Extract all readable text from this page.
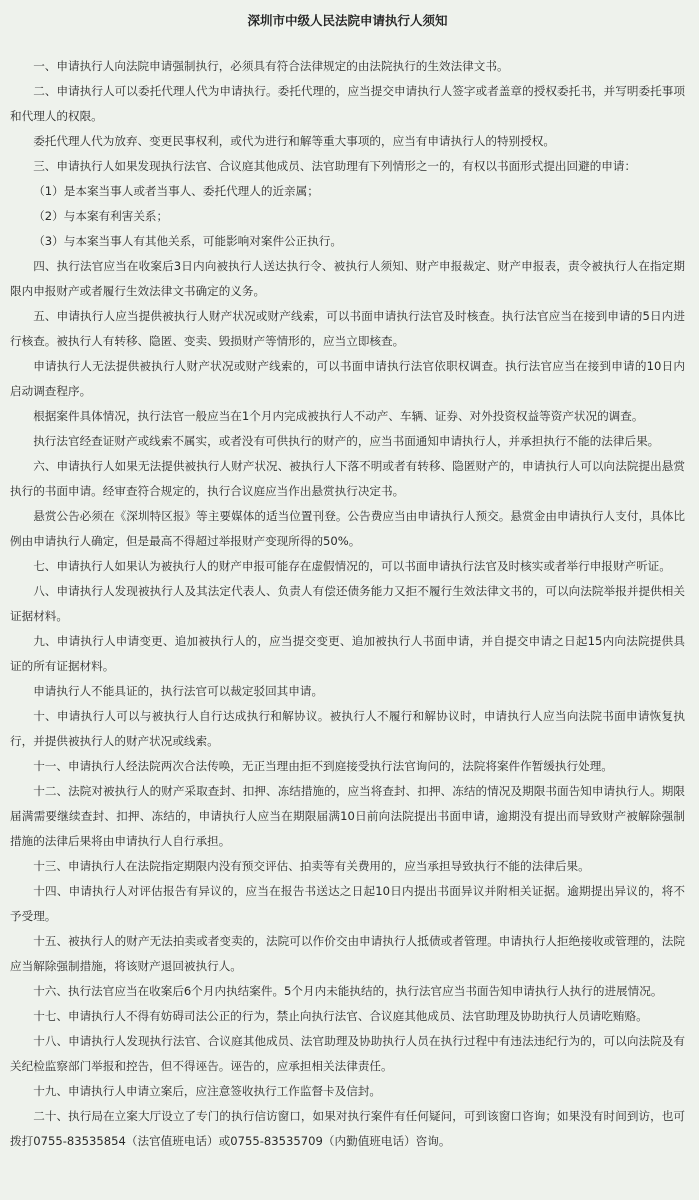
深圳市中级人民法院申请执行人须知

一、申请执行人向法院申请强制执行，必须具有符合法律规定的由法院执行的生效法律文书。

二、申请执行人可以委托代理人代为申请执行。委托代理的，应当提交申请执行人签字或者盖章的授权委托书，并写明委托事项和代理人的权限。

委托代理人代为放弃、变更民事权利，或代为进行和解等重大事项的，应当有申请执行人的特别授权。

三、申请执行人如果发现执行法官、合议庭其他成员、法官助理有下列情形之一的，有权以书面形式提出回避的申请：

（1）是本案当事人或者当事人、委托代理人的近亲属；

（2）与本案有利害关系；

（3）与本案当事人有其他关系，可能影响对案件公正执行。

四、执行法官应当在收案后3日内向被执行人送达执行令、被执行人须知、财产申报裁定、财产申报表，责令被执行人在指定期限内申报财产或者履行生效法律文书确定的义务。

五、申请执行人应当提供被执行人财产状况或财产线索，可以书面申请执行法官及时核查。执行法官应当在接到申请的5日内进行核查。被执行人有转移、隐匿、变卖、毁损财产等情形的，应当立即核查。

申请执行人无法提供被执行人财产状况或财产线索的，可以书面申请执行法官依职权调查。执行法官应当在接到申请的10日内启动调查程序。

根据案件具体情况，执行法官一般应当在1个月内完成被执行人不动产、车辆、证券、对外投资权益等资产状况的调查。

执行法官经查证财产或线索不属实，或者没有可供执行的财产的，应当书面通知申请执行人，并承担执行不能的法律后果。

六、申请执行人如果无法提供被执行人财产状况、被执行人下落不明或者有转移、隐匿财产的，申请执行人可以向法院提出悬赏执行的书面申请。经审查符合规定的，执行合议庭应当作出悬赏执行决定书。

悬赏公告必须在《深圳特区报》等主要媒体的适当位置刊登。公告费应当由申请执行人预交。悬赏金由申请执行人支付，具体比例由申请执行人确定，但是最高不得超过举报财产变现所得的50%。

七、申请执行人如果认为被执行人的财产申报可能存在虚假情况的，可以书面申请执行法官及时核实或者举行申报财产听证。

八、申请执行人发现被执行人及其法定代表人、负责人有偿还债务能力又拒不履行生效法律文书的，可以向法院举报并提供相关证据材料。

九、申请执行人申请变更、追加被执行人的，应当提交变更、追加被执行人书面申请，并自提交申请之日起15内向法院提供具证的所有证据材料。

申请执行人不能具证的，执行法官可以裁定驳回其申请。

十、申请执行人可以与被执行人自行达成执行和解协议。被执行人不履行和解协议时，申请执行人应当向法院书面申请恢复执行，并提供被执行人的财产状况或线索。

十一、申请执行人经法院两次合法传唤，无正当理由拒不到庭接受执行法官询问的，法院将案件作暂缓执行处理。

十二、法院对被执行人的财产采取查封、扣押、冻结措施的，应当将查封、扣押、冻结的情况及期限书面告知申请执行人。期限届满需要继续查封、扣押、冻结的，申请执行人应当在期限届满10日前向法院提出书面申请，逾期没有提出而导致财产被解除强制措施的法律后果将由申请执行人自行承担。

十三、申请执行人在法院指定期限内没有预交评估、拍卖等有关费用的，应当承担导致执行不能的法律后果。

十四、申请执行人对评估报告有异议的，应当在报告书送达之日起10日内提出书面异议并附相关证据。逾期提出异议的，将不予受理。

十五、被执行人的财产无法拍卖或者变卖的，法院可以作价交由申请执行人抵债或者管理。申请执行人拒绝接收或管理的，法院应当解除强制措施，将该财产退回被执行人。

十六、执行法官应当在收案后6个月内执结案件。5个月内未能执结的，执行法官应当书面告知申请执行人执行的进展情况。

十七、申请执行人不得有妨碍司法公正的行为，禁止向执行法官、合议庭其他成员、法官助理及协助执行人员请吃贿赂。

十八、申请执行人发现执行法官、合议庭其他成员、法官助理及协助执行人员在执行过程中有违法违纪行为的，可以向法院及有关纪检监察部门举报和控告，但不得诬告。诬告的，应承担相关法律责任。

十九、申请执行人申请立案后，应注意签收执行工作监督卡及信封。

二十、执行局在立案大厅设立了专门的执行信访窗口，如果对执行案件有任何疑问，可到该窗口咨询；如果没有时间到访，也可拨打0755-83535854（法官值班电话）或0755-83535709（内勤值班电话）咨询。
